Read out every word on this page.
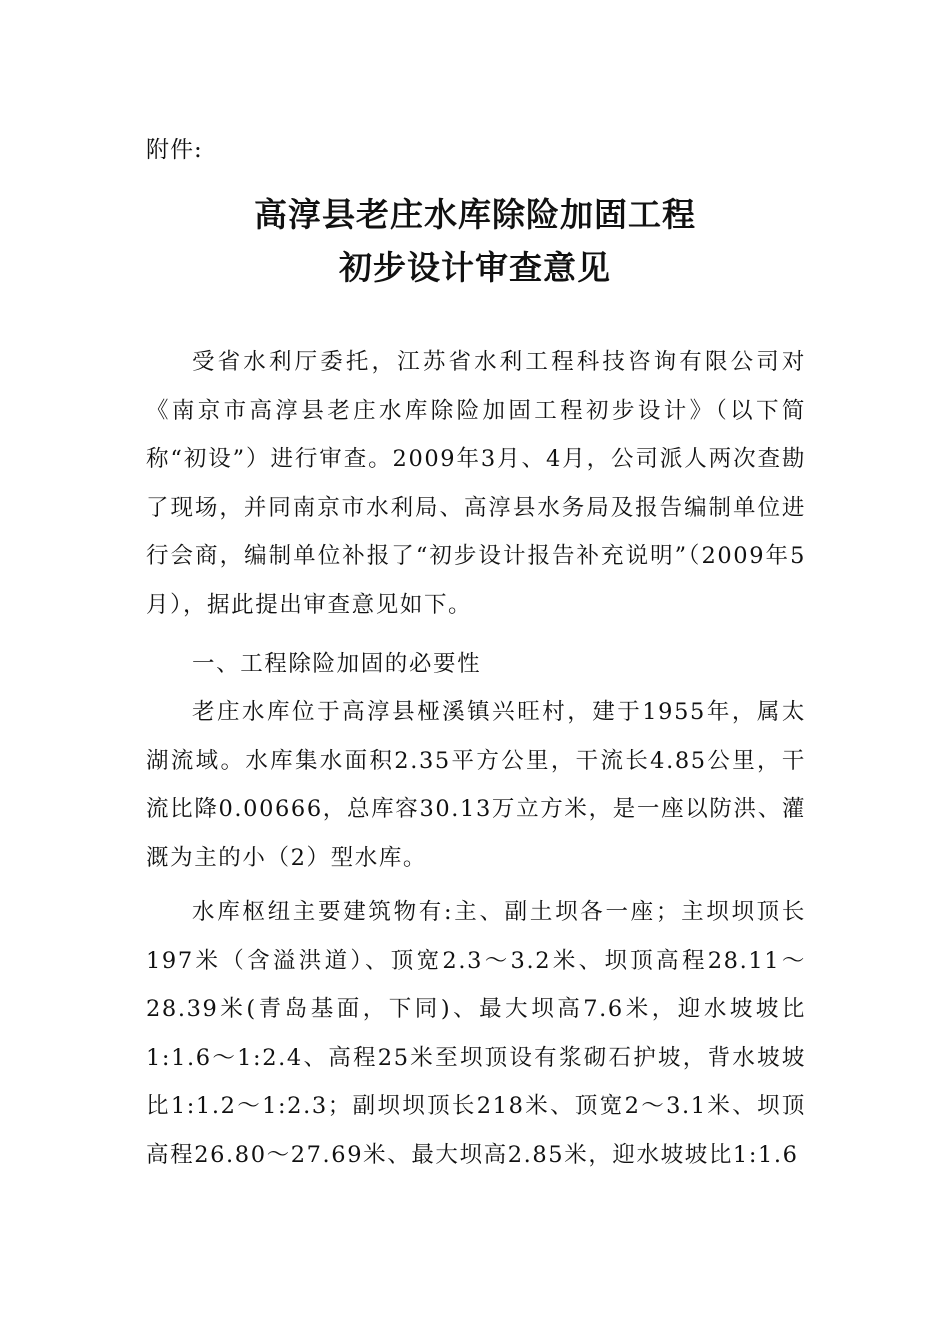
附件:
高淳县老庄水库除险加固工程
初步设计审查意见

受省水利厅委托，江苏省水利工程科技咨询有限公司对《南京市高淳县老庄水库除险加固工程初步设计》（以下简称“初设”）进行审查。2009年3月、4月，公司派人两次查勘了现场，并同南京市水利局、高淳县水务局及报告编制单位进行会商，编制单位补报了“初步设计报告补充说明”（2009年5月），据此提出审查意见如下。

一、工程除险加固的必要性

老庄水库位于高淳县桠溪镇兴旺村，建于1955年，属太湖流域。水库集水面积2.35平方公里，干流长4.85公里，干流比降0.00666，总库容30.13万立方米，是一座以防洪、灌溉为主的小（2）型水库。

水库枢纽主要建筑物有:主、副土坝各一座；主坝坝顶长197米（含溢洪道）、顶宽2.3～3.2米、坝顶高程28.11～28.39米(青岛基面，下同)、最大坝高7.6米，迎水坡坡比1:1.6～1:2.4、高程25米至坝顶设有浆砌石护坡，背水坡坡比1:1.2～1:2.3；副坝坝顶长218米、顶宽2～3.1米、坝顶高程26.80～27.69米、最大坝高2.85米，迎水坡坡比1:1.6
